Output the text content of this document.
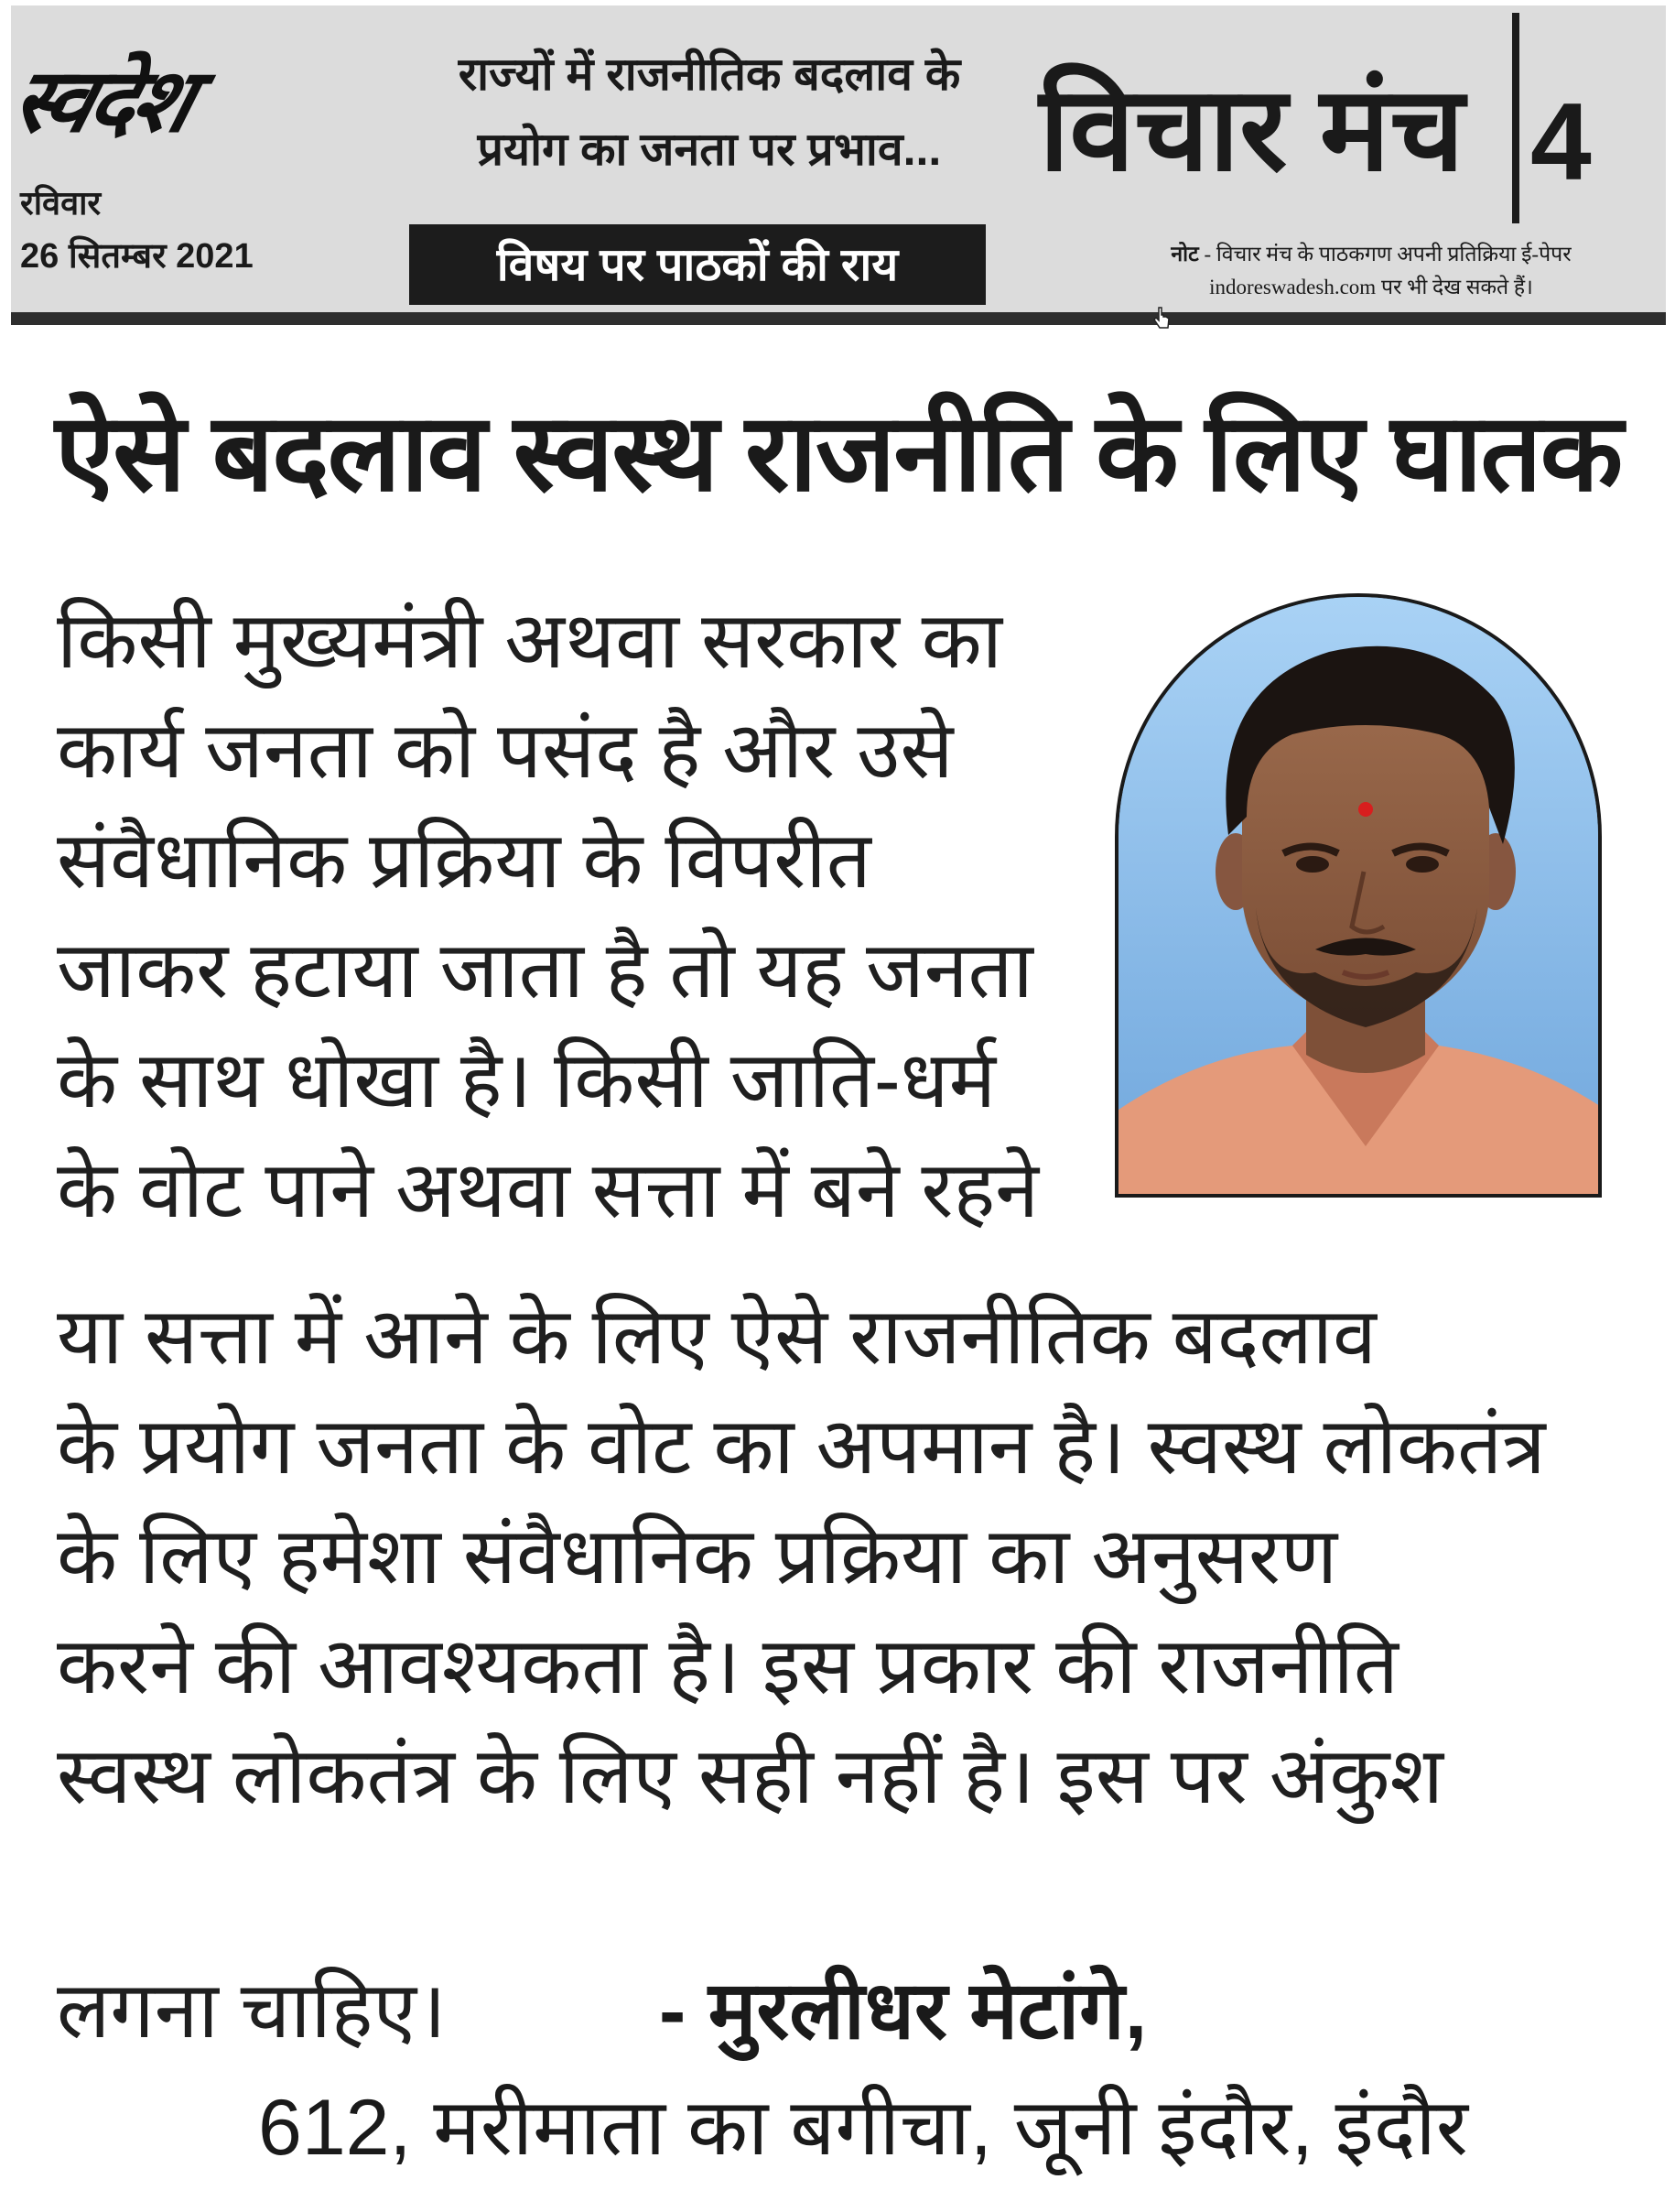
स्वदेश
रविवार
26 सितम्बर 2021
राज्यों में राजनीतिक बदलाव के
प्रयोग का जनता पर प्रभाव...
विषय पर पाठकों की राय
विचार मंच 4
नोट - विचार मंच के पाठकगण अपनी प्रतिक्रिया ई-पेपर
indoreswadesh.com पर भी देख सकते हैं।
ऐसे बदलाव स्वस्थ राजनीति के लिए घातक
किसी मुख्यमंत्री अथवा सरकार का
कार्य जनता को पसंद है और उसे
संवैधानिक प्रक्रिया के विपरीत
जाकर हटाया जाता है तो यह जनता
के साथ धोखा है। किसी जाति-धर्म
के वोट पाने अथवा सत्ता में बने रहने
या सत्ता में आने के लिए ऐसे राजनीतिक बदलाव
के प्रयोग जनता के वोट का अपमान है। स्वस्थ लोकतंत्र
के लिए हमेशा संवैधानिक प्रक्रिया का अनुसरण
करने की आवश्यकता है। इस प्रकार की राजनीति
स्वस्थ लोकतंत्र के लिए सही नहीं है। इस पर अंकुश
लगना चाहिए।	- मुरलीधर मेटांगे,
612, मरीमाता का बगीचा, जूनी इंदौर, इंदौर
